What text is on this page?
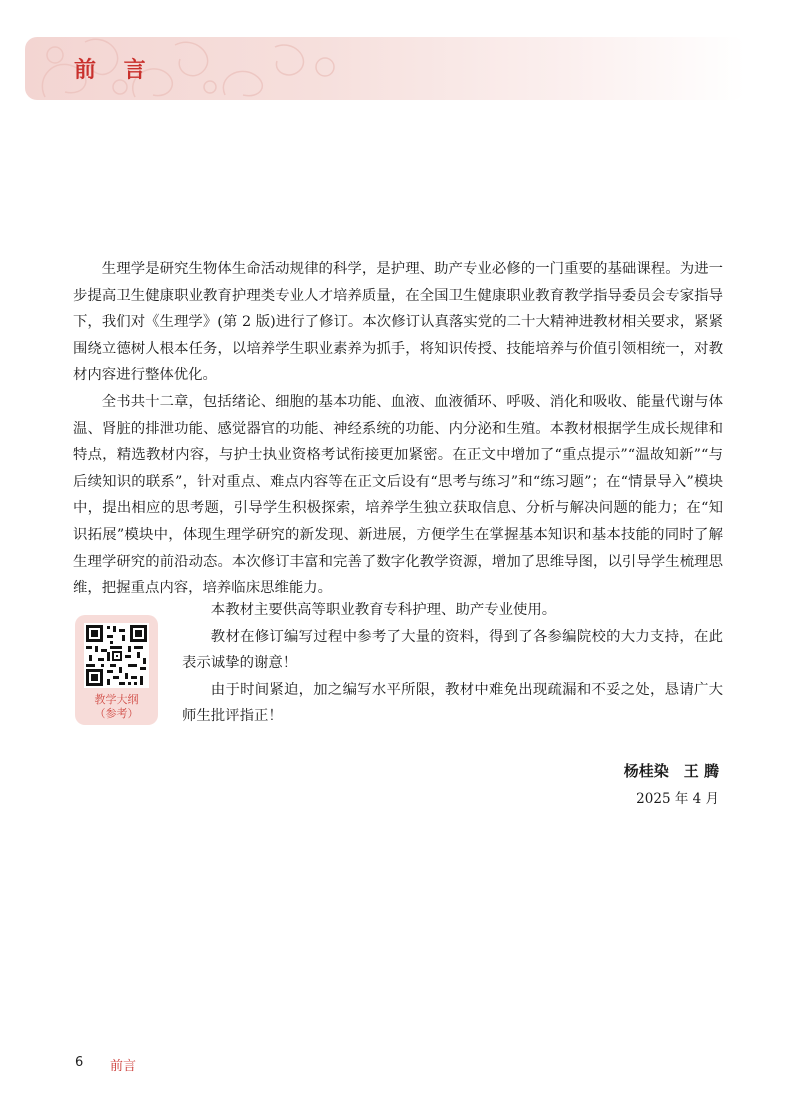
前 言

生理学是研究生物体生命活动规律的科学，是护理、助产专业必修的一门重要的基础课程。为进一步提高卫生健康职业教育护理类专业人才培养质量，在全国卫生健康职业教育教学指导委员会专家指导下，我们对《生理学》(第 2 版)进行了修订。本次修订认真落实党的二十大精神进教材相关要求，紧紧围绕立德树人根本任务，以培养学生职业素养为抓手，将知识传授、技能培养与价值引领相统一，对教材内容进行整体优化。

全书共十二章，包括绪论、细胞的基本功能、血液、血液循环、呼吸、消化和吸收、能量代谢与体温、肾脏的排泄功能、感觉器官的功能、神经系统的功能、内分泌和生殖。本教材根据学生成长规律和特点，精选教材内容，与护士执业资格考试衔接更加紧密。在正文中增加了“重点提示”“温故知新”“与后续知识的联系”，针对重点、难点内容等在正文后设有“思考与练习”和“练习题”；在“情景导入”模块中，提出相应的思考题，引导学生积极探索，培养学生独立获取信息、分析与解决问题的能力；在“知识拓展”模块中，体现生理学研究的新发现、新进展，方便学生在掌握基本知识和基本技能的同时了解生理学研究的前沿动态。本次修订丰富和完善了数字化教学资源，增加了思维导图，以引导学生梳理思维，把握重点内容，培养临床思维能力。

本教材主要供高等职业教育专科护理、助产专业使用。

教材在修订编写过程中参考了大量的资料，得到了各参编院校的大力支持，在此表示诚挚的谢意！

由于时间紧迫，加之编写水平所限，教材中难免出现疏漏和不妥之处，恳请广大师生批评指正！

教学大纲
（参考）
杨桂染　王 腾
2025 年 4 月
6 前言
